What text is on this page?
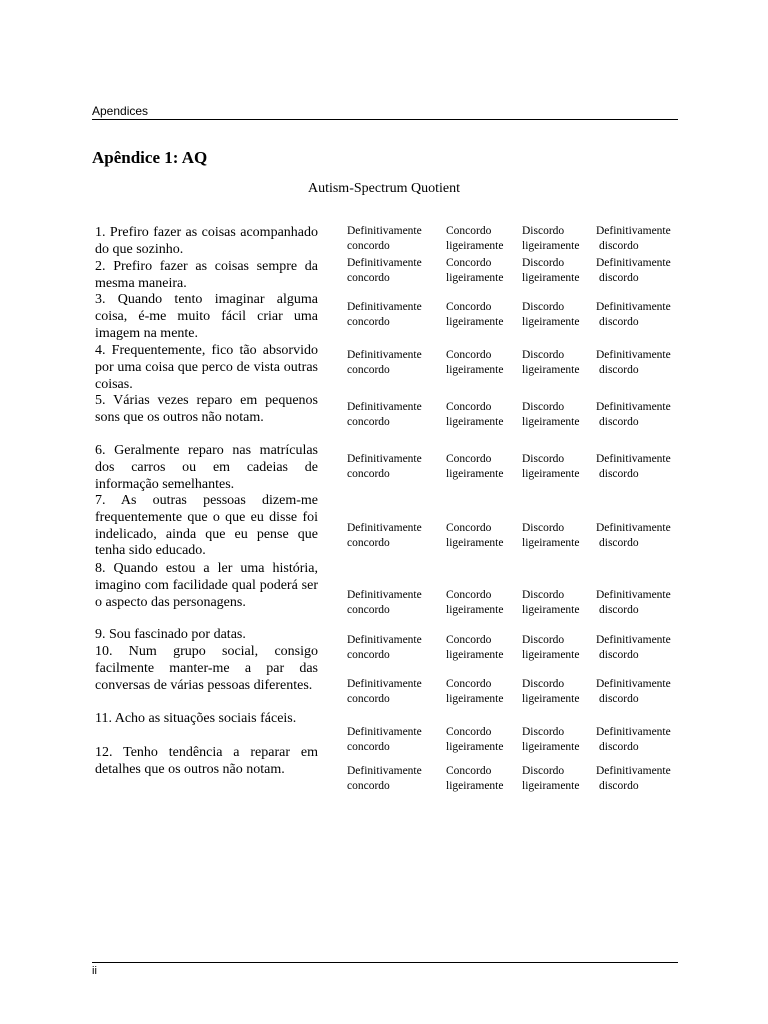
Apendices
Apêndice 1: AQ
Autism-Spectrum Quotient
1. Prefiro fazer as coisas acompanhado do que sozinho.
2. Prefiro fazer as coisas sempre da mesma maneira.
3. Quando tento imaginar alguma coisa, é-me muito fácil criar uma imagem na mente.
4. Frequentemente, fico tão absorvido por uma coisa que perco de vista outras coisas.
5. Várias vezes reparo em pequenos sons que os outros não notam.
6. Geralmente reparo nas matrículas dos carros ou em cadeias de informação semelhantes.
7. As outras pessoas dizem-me frequentemente que o que eu disse foi indelicado, ainda que eu pense que tenha sido educado.
8. Quando estou a ler uma história, imagino com facilidade qual poderá ser o aspecto das personagens.
9. Sou fascinado por datas.
10. Num grupo social, consigo facilmente manter-me a par das conversas de várias pessoas diferentes.
11. Acho as situações sociais fáceis.
12. Tenho tendência a reparar em detalhes que os outros não notam.
Definitivamente
concordo
Concordo
ligeiramente
Discordo
ligeiramente
Definitivamente
discordo
Definitivamente
concordo
Concordo
ligeiramente
Discordo
ligeiramente
Definitivamente
discordo
Definitivamente
concordo
Concordo
ligeiramente
Discordo
ligeiramente
Definitivamente
discordo
Definitivamente
concordo
Concordo
ligeiramente
Discordo
ligeiramente
Definitivamente
discordo
Definitivamente
concordo
Concordo
ligeiramente
Discordo
ligeiramente
Definitivamente
discordo
Definitivamente
concordo
Concordo
ligeiramente
Discordo
ligeiramente
Definitivamente
discordo
Definitivamente
concordo
Concordo
ligeiramente
Discordo
ligeiramente
Definitivamente
discordo
Definitivamente
concordo
Concordo
ligeiramente
Discordo
ligeiramente
Definitivamente
discordo
Definitivamente
concordo
Concordo
ligeiramente
Discordo
ligeiramente
Definitivamente
discordo
Definitivamente
concordo
Concordo
ligeiramente
Discordo
ligeiramente
Definitivamente
discordo
Definitivamente
concordo
Concordo
ligeiramente
Discordo
ligeiramente
Definitivamente
discordo
Definitivamente
concordo
Concordo
ligeiramente
Discordo
ligeiramente
Definitivamente
discordo
ii
